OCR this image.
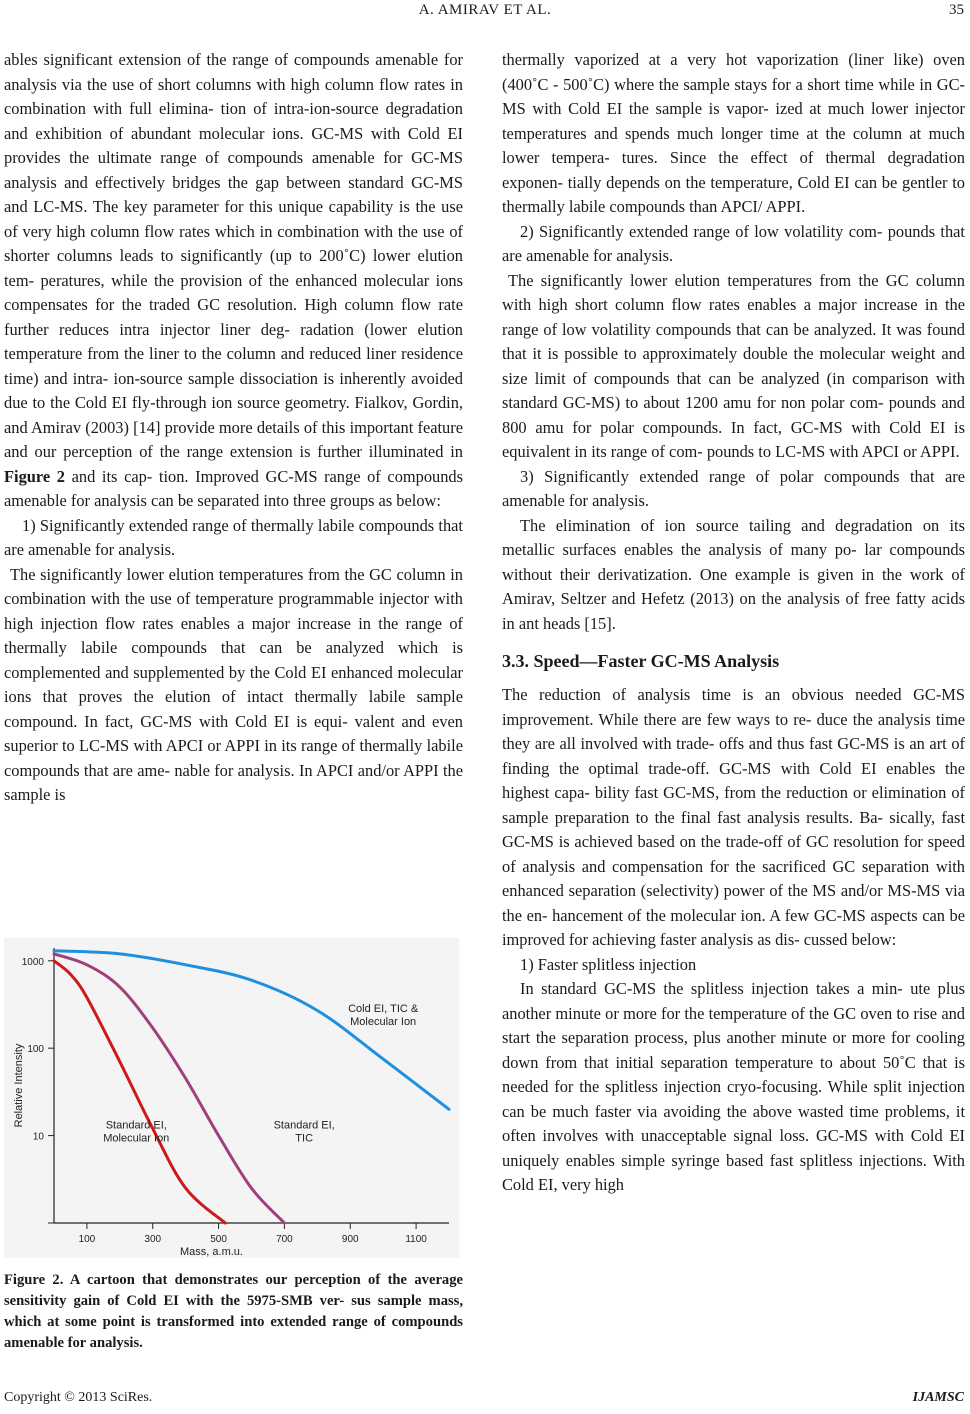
A. AMIRAV ET AL.	35

ables significant extension of the range of compounds amenable for analysis via the use of short columns with high column flow rates in combination with full elimina- tion of intra-ion-source degradation and exhibition of abundant molecular ions. GC-MS with Cold EI provides the ultimate range of compounds amenable for GC-MS analysis and effectively bridges the gap between standard GC-MS and LC-MS. The key parameter for this unique capability is the use of very high column flow rates which in combination with the use of shorter columns leads to significantly (up to 200˚C) lower elution tem- peratures, while the provision of the enhanced molecular ions compensates for the traded GC resolution. High column flow rate further reduces intra injector liner deg- radation (lower elution temperature from the liner to the column and reduced liner residence time) and intra- ion-source sample dissociation is inherently avoided due to the Cold EI fly-through ion source geometry. Fialkov, Gordin, and Amirav (2003) [14] provide more details of this important feature and our perception of the range extension is further illuminated in Figure 2 and its cap- tion. Improved GC-MS range of compounds amenable for analysis can be separated into three groups as below:

1) Significantly extended range of thermally labile compounds that are amenable for analysis.

The significantly lower elution temperatures from the GC column in combination with the use of temperature programmable injector with high injection flow rates enables a major increase in the range of thermally labile compounds that can be analyzed which is complemented and supplemented by the Cold EI enhanced molecular ions that proves the elution of intact thermally labile sample compound. In fact, GC-MS with Cold EI is equi- valent and even superior to LC-MS with APCI or APPI in its range of thermally labile compounds that are ame- nable for analysis. In APCI and/or APPI the sample is

1000
100
10
100	300	500	700	900	1100
Mass, a.m.u.
Relative Intensity
Cold EI, TIC & Molecular Ion
Standard EI, TIC
Standard EI, Molecular Ion
Figure 2. A cartoon that demonstrates our perception of the average sensitivity gain of Cold EI with the 5975-SMB ver- sus sample mass, which at some point is transformed into extended range of compounds amenable for analysis.

thermally vaporized at a very hot vaporization (liner like) oven (400˚C - 500˚C) where the sample stays for a short time while in GC-MS with Cold EI the sample is vapor- ized at much lower injector temperatures and spends much longer time at the column at much lower tempera- tures. Since the effect of thermal degradation exponen- tially depends on the temperature, Cold EI can be gentler to thermally labile compounds than APCI/ APPI.

2) Significantly extended range of low volatility com- pounds that are amenable for analysis.

The significantly lower elution temperatures from the GC column with high short column flow rates enables a major increase in the range of low volatility compounds that can be analyzed. It was found that it is possible to approximately double the molecular weight and size limit of compounds that can be analyzed (in comparison with standard GC-MS) to about 1200 amu for non polar com- pounds and 800 amu for polar compounds. In fact, GC-MS with Cold EI is equivalent in its range of com- pounds to LC-MS with APCI or APPI.

3) Significantly extended range of polar compounds that are amenable for analysis.

The elimination of ion source tailing and degradation on its metallic surfaces enables the analysis of many po- lar compounds without their derivatization. One example is given in the work of Amirav, Seltzer and Hefetz (2013) on the analysis of free fatty acids in ant heads [15].

3.3. Speed—Faster GC-MS Analysis

The reduction of analysis time is an obvious needed GC-MS improvement. While there are few ways to re- duce the analysis time they are all involved with trade- offs and thus fast GC-MS is an art of finding the optimal trade-off. GC-MS with Cold EI enables the highest capa- bility fast GC-MS, from the reduction or elimination of sample preparation to the final fast analysis results. Ba- sically, fast GC-MS is achieved based on the trade-off of GC resolution for speed of analysis and compensation for the sacrificed GC separation with enhanced separation (selectivity) power of the MS and/or MS-MS via the en- hancement of the molecular ion. A few GC-MS aspects can be improved for achieving faster analysis as dis- cussed below:

1) Faster splitless injection

In standard GC-MS the splitless injection takes a min- ute plus another minute or more for the temperature of the GC oven to rise and start the separation process, plus another minute or more for cooling down from that initial separation temperature to about 50˚C that is needed for the splitless injection cryo-focusing. While split injection can be much faster via avoiding the above wasted time problems, it often involves with unacceptable signal loss. GC-MS with Cold EI uniquely enables simple syringe based fast splitless injections. With Cold EI, very high

Copyright © 2013 SciRes.	IJAMSC
